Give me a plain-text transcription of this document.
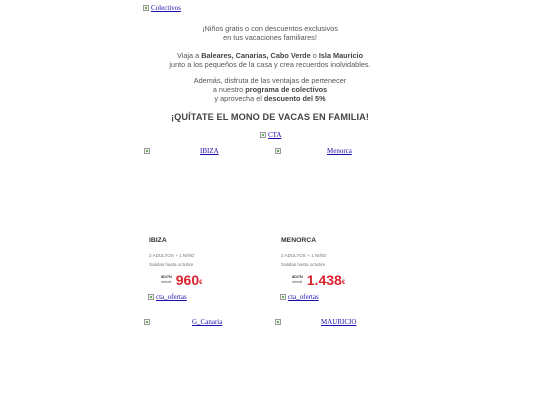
Colectivos
¡Niños gratis o con descuentos exclusivos
en tus vacaciones familiares!
Viaja a Baleares, Canarias, Cabo Verde o Isla Mauricio
junto a los pequeños de la casa y crea recuerdos inolvidables.
Además, disfruta de las ventajas de pertenecer
a nuestro programa de colectivos
y aprovecha el descuento del 5%
¡QUÍTATE EL MONO DE VACAS EN FAMILIA!
CTA
IBIZA	Menorca
IBIZA
2 ADULTOS + 1 NIÑO
Salidas hasta octubre
8D/7N
desde 960 €
cta_ofertas
MENORCA
2 ADULTOS + 1 NIÑO
Salidas hasta octubre
8D/7N
desde 1.438 €
cta_ofertas
G_Canaria	MAURICIO
